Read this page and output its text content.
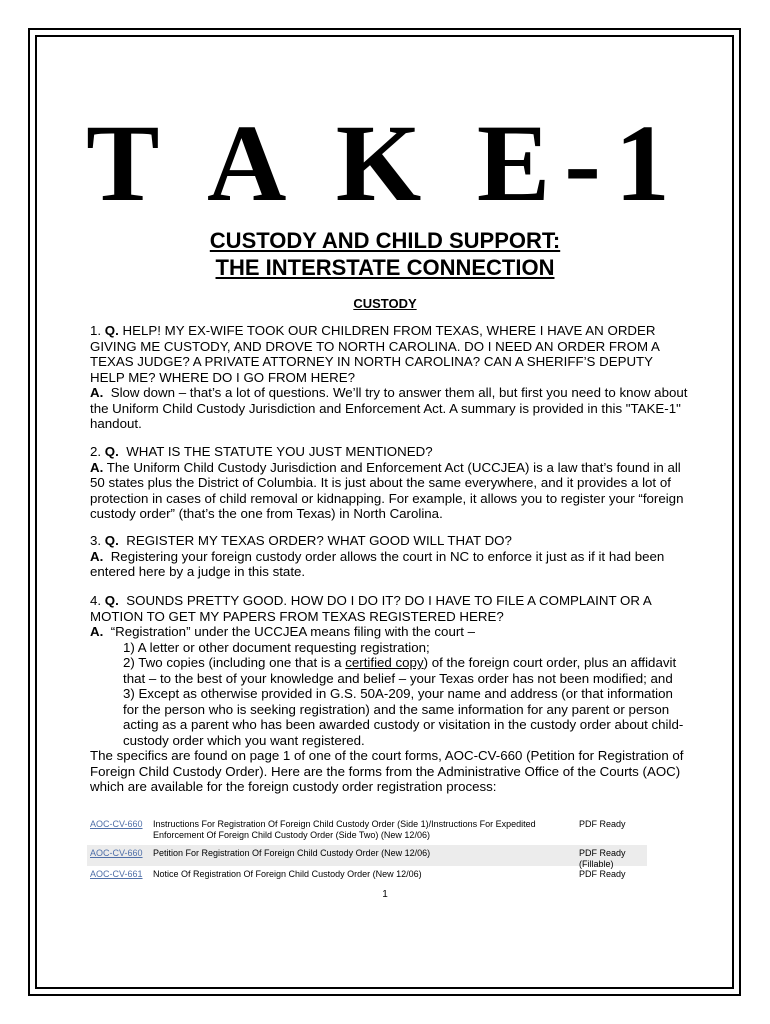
T A K E-1
CUSTODY AND CHILD SUPPORT:
THE INTERSTATE CONNECTION
CUSTODY

1. Q. HELP! MY EX-WIFE TOOK OUR CHILDREN FROM TEXAS, WHERE I HAVE AN ORDER GIVING ME CUSTODY, AND DROVE TO NORTH CAROLINA. DO I NEED AN ORDER FROM A TEXAS JUDGE? A PRIVATE ATTORNEY IN NORTH CAROLINA? CAN A SHERIFF’S DEPUTY HELP ME? WHERE DO I GO FROM HERE?

A. Slow down – that’s a lot of questions. We’ll try to answer them all, but first you need to know about the Uniform Child Custody Jurisdiction and Enforcement Act. A summary is provided in this "TAKE-1" handout.

2. Q. WHAT IS THE STATUTE YOU JUST MENTIONED?

A. The Uniform Child Custody Jurisdiction and Enforcement Act (UCCJEA) is a law that’s found in all 50 states plus the District of Columbia. It is just about the same everywhere, and it provides a lot of protection in cases of child removal or kidnapping. For example, it allows you to register your “foreign custody order” (that’s the one from Texas) in North Carolina.

3. Q. REGISTER MY TEXAS ORDER? WHAT GOOD WILL THAT DO?

A. Registering your foreign custody order allows the court in NC to enforce it just as if it had been entered here by a judge in this state.

4. Q. SOUNDS PRETTY GOOD. HOW DO I DO IT? DO I HAVE TO FILE A COMPLAINT OR A MOTION TO GET MY PAPERS FROM TEXAS REGISTERED HERE?

A. “Registration” under the UCCJEA means filing with the court –

1) A letter or other document requesting registration;
2) Two copies (including one that is a certified copy) of the foreign court order, plus an affidavit that – to the best of your knowledge and belief – your Texas order has not been modified; and
3) Except as otherwise provided in G.S. 50A-209, your name and address (or that information for the person who is seeking registration) and the same information for any parent or person acting as a parent who has been awarded custody or visitation in the custody order about child-custody order which you want registered.

The specifics are found on page 1 of one of the court forms, AOC-CV-660 (Petition for Registration of Foreign Child Custody Order). Here are the forms from the Administrative Office of the Courts (AOC) which are available for the foreign custody order registration process:

AOC-CV-660 Instructions For Registration Of Foreign Child Custody Order (Side 1)/Instructions For Expedited Enforcement Of Foreign Child Custody Order (Side Two) (New 12/06)
PDF Ready
AOC-CV-660 Petition For Registration Of Foreign Child Custody Order (New 12/06)	PDF Ready
(Fillable)
AOC-CV-661 Notice Of Registration Of Foreign Child Custody Order (New 12/06)	PDF Ready
1
